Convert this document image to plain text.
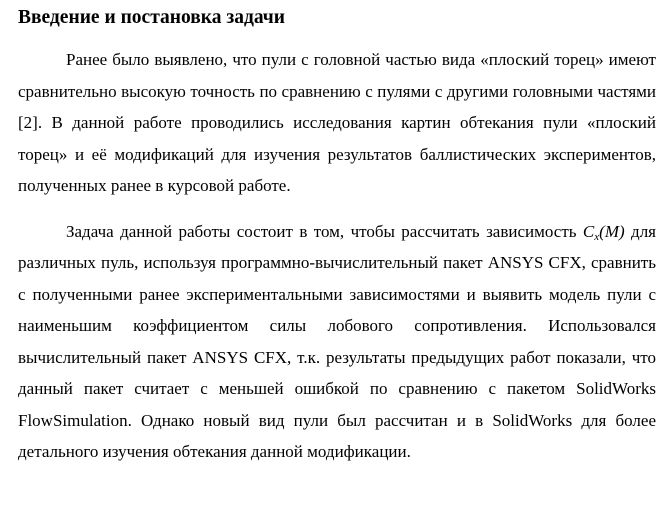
Введение и постановка задачи

Ранее было выявлено, что пули с головной частью вида «плоский торец» имеют сравнительно высокую точность по сравнению с пулями с другими головными частями [2]. В данной работе проводились исследования картин обтекания пули «плоский торец» и её модификаций для изучения результатов баллистических экспериментов, полученных ранее в курсовой работе.

Задача данной работы состоит в том, чтобы рассчитать зависимость $C_x(M)$ для различных пуль, используя программно-вычислительный пакет ANSYS CFX, сравнить с полученными ранее экспериментальными зависимостями и выявить модель пули с наименьшим коэффициентом силы лобового сопротивления. Использовался вычислительный пакет ANSYS CFX, т.к. результаты предыдущих работ показали, что данный пакет считает с меньшей ошибкой по сравнению с пакетом SolidWorks FlowSimulation. Однако новый вид пули был рассчитан и в SolidWorks для более детального изучения обтекания данной модификации.
